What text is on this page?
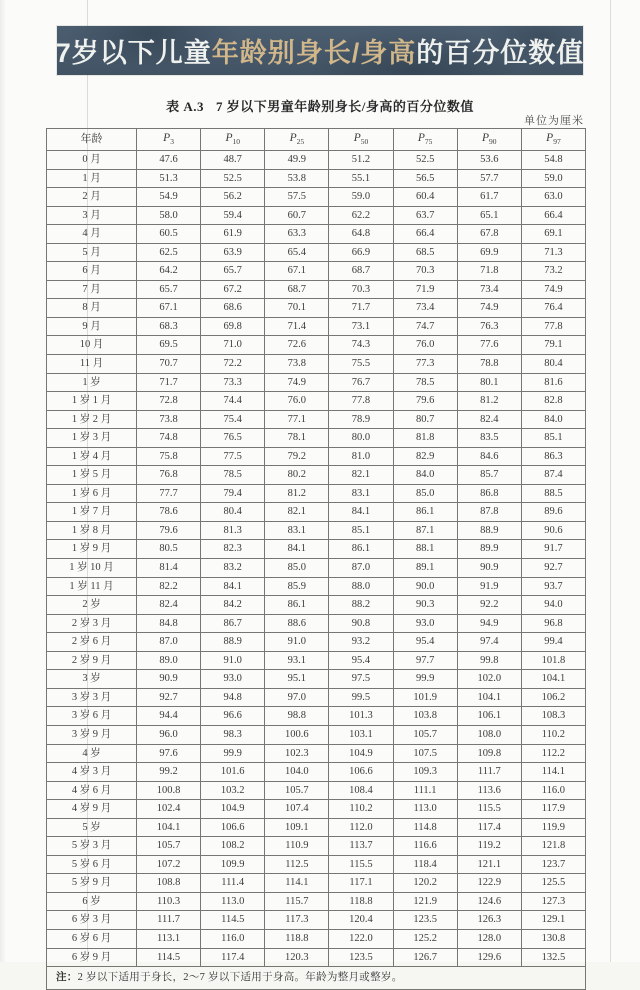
7岁以下儿童 年龄别身长/身高 的百分位数值
表 A.3 7 岁以下男童年龄别身长/身高的百分位数值
单位为厘米
年龄	$P_3$	$P_{10}$	$P_{25}$	$P_{50}$	$P_{75}$	$P_{90}$	$P_{97}$
0 月	47.6	48.7	49.9	51.2	52.5	53.6	54.8
1 月	51.3	52.5	53.8	55.1	56.5	57.7	59.0
2 月	54.9	56.2	57.5	59.0	60.4	61.7	63.0
3 月	58.0	59.4	60.7	62.2	63.7	65.1	66.4
4 月	60.5	61.9	63.3	64.8	66.4	67.8	69.1
5 月	62.5	63.9	65.4	66.9	68.5	69.9	71.3
6 月	64.2	65.7	67.1	68.7	70.3	71.8	73.2
7 月	65.7	67.2	68.7	70.3	71.9	73.4	74.9
8 月	67.1	68.6	70.1	71.7	73.4	74.9	76.4
9 月	68.3	69.8	71.4	73.1	74.7	76.3	77.8
10 月	69.5	71.0	72.6	74.3	76.0	77.6	79.1
11 月	70.7	72.2	73.8	75.5	77.3	78.8	80.4
1 岁	71.7	73.3	74.9	76.7	78.5	80.1	81.6
1 岁 1 月	72.8	74.4	76.0	77.8	79.6	81.2	82.8
1 岁 2 月	73.8	75.4	77.1	78.9	80.7	82.4	84.0
1 岁 3 月	74.8	76.5	78.1	80.0	81.8	83.5	85.1
1 岁 4 月	75.8	77.5	79.2	81.0	82.9	84.6	86.3
1 岁 5 月	76.8	78.5	80.2	82.1	84.0	85.7	87.4
1 岁 6 月	77.7	79.4	81.2	83.1	85.0	86.8	88.5
1 岁 7 月	78.6	80.4	82.1	84.1	86.1	87.8	89.6
1 岁 8 月	79.6	81.3	83.1	85.1	87.1	88.9	90.6
1 岁 9 月	80.5	82.3	84.1	86.1	88.1	89.9	91.7
1 岁 10 月	81.4	83.2	85.0	87.0	89.1	90.9	92.7
1 岁 11 月	82.2	84.1	85.9	88.0	90.0	91.9	93.7
2 岁	82.4	84.2	86.1	88.2	90.3	92.2	94.0
2 岁 3 月	84.8	86.7	88.6	90.8	93.0	94.9	96.8
2 岁 6 月	87.0	88.9	91.0	93.2	95.4	97.4	99.4
2 岁 9 月	89.0	91.0	93.1	95.4	97.7	99.8	101.8
3 岁	90.9	93.0	95.1	97.5	99.9	102.0	104.1
3 岁 3 月	92.7	94.8	97.0	99.5	101.9	104.1	106.2
3 岁 6 月	94.4	96.6	98.8	101.3	103.8	106.1	108.3
3 岁 9 月	96.0	98.3	100.6	103.1	105.7	108.0	110.2
4 岁	97.6	99.9	102.3	104.9	107.5	109.8	112.2
4 岁 3 月	99.2	101.6	104.0	106.6	109.3	111.7	114.1
4 岁 6 月	100.8	103.2	105.7	108.4	111.1	113.6	116.0
4 岁 9 月	102.4	104.9	107.4	110.2	113.0	115.5	117.9
5 岁	104.1	106.6	109.1	112.0	114.8	117.4	119.9
5 岁 3 月	105.7	108.2	110.9	113.7	116.6	119.2	121.8
5 岁 6 月	107.2	109.9	112.5	115.5	118.4	121.1	123.7
5 岁 9 月	108.8	111.4	114.1	117.1	120.2	122.9	125.5
6 岁	110.3	113.0	115.7	118.8	121.9	124.6	127.3
6 岁 3 月	111.7	114.5	117.3	120.4	123.5	126.3	129.1
6 岁 6 月	113.1	116.0	118.8	122.0	125.2	128.0	130.8
6 岁 9 月	114.5	117.4	120.3	123.5	126.7	129.6	132.5
注：2 岁以下适用于身长，2～7 岁以下适用于身高。年龄为整月或整岁。							
